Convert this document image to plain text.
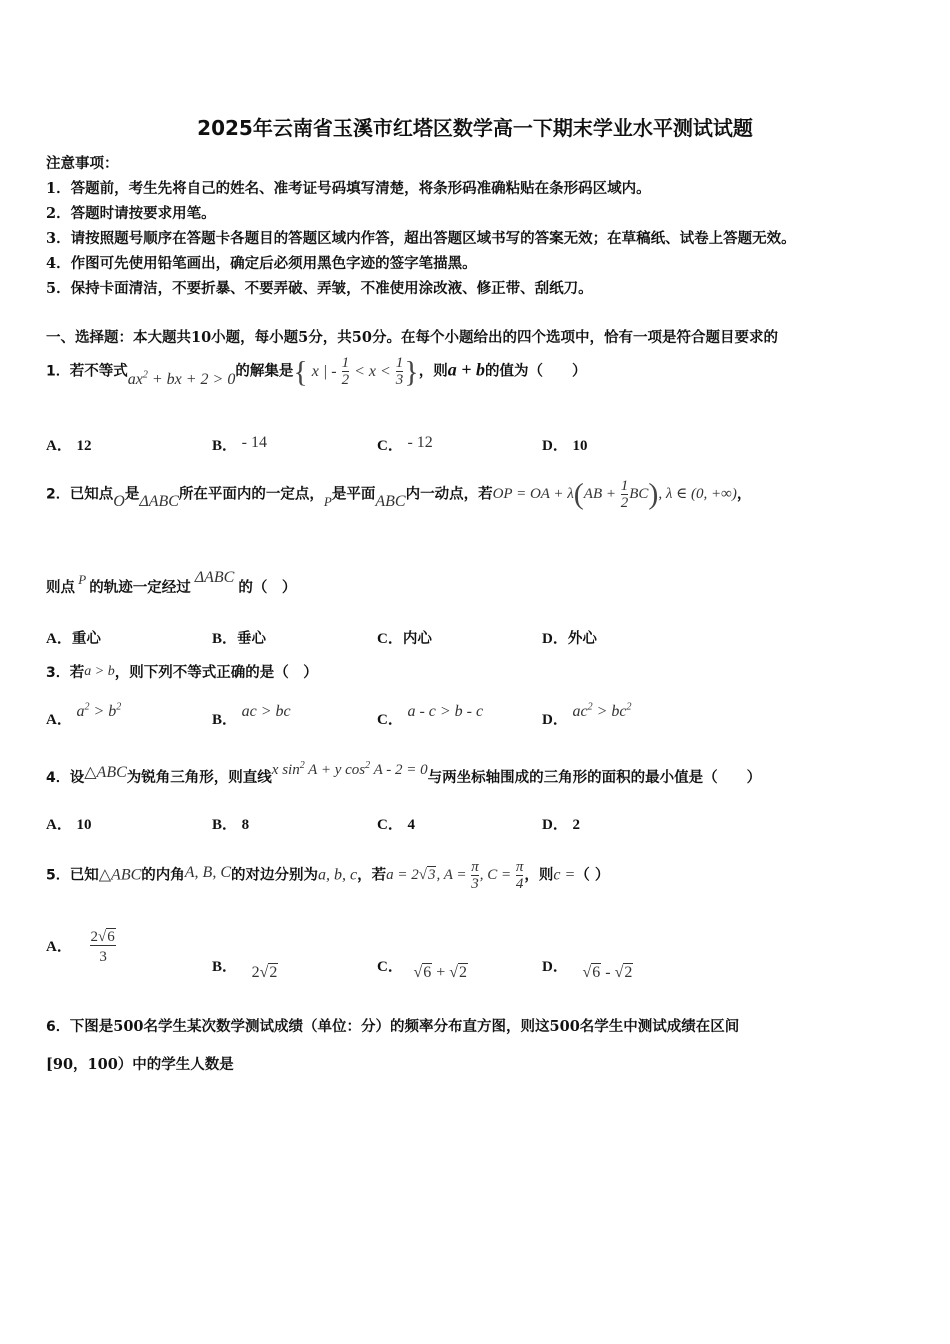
2025年云南省玉溪市红塔区数学高一下期末学业水平测试试题
注意事项：
1．答题前，考生先将自己的姓名、准考证号码填写清楚，将条形码准确粘贴在条形码区域内。
2．答题时请按要求用笔。
3．请按照题号顺序在答题卡各题目的答题区域内作答，超出答题区域书写的答案无效；在草稿纸、试卷上答题无效。
4．作图可先使用铅笔画出，确定后必须用黑色字迹的签字笔描黑。
5．保持卡面清洁，不要折暴、不要弄破、弄皱，不准使用涂改液、修正带、刮纸刀。
一、选择题：本大题共10小题，每小题5分，共50分。在每个小题给出的四个选项中，恰有一项是符合题目要求的
1．若不等式$ax^2$ + bx + 2 > 0的解集是{ x | - $\frac{1}{2} < x < \frac{1}{3}$ }，则a + b的值为（　　）
A． 12	B． - 14	C． - 12	D． 10
2．已知点O是ΔABC所在平面内的一定点，P是平面ABC内一动点，若OP = OA + $\lambda(AB + \frac{1}{2} BC)$, λ ∈ (0, +∞)，
则点 P 的轨迹一定经过 ΔABC 的（　）
A．重心	B．垂心	C．内心	D．外心
3．若a > b，则下列不等式正确的是（　）
A． $a^2 > b^2$
B． ac > bc	C． a - c > b - c	D． $ac^2 > bc^2$
4．设△ABC为锐角三角形，则直线x $\sin^2 A + y$ $\cos^2 A - 2 = 0$与两坐标轴围成的三角形的面积的最小值是（　　）
A． 10	B． 8	C． 4	D． 2
5．已知△ABC的内角A, B, C的对边分别为a, b, c，若a = 2√3, $A = \frac{\pi}{3}$ , $C = \frac{\pi}{4}$ ，则c =（ ）
A． $\frac{2√6}{3}$
B． 2√2	C． √6 + √2	D． √6 - √2
6．下图是500名学生某次数学测试成绩（单位：分）的频率分布直方图，则这500名学生中测试成绩在区间
[90，100）中的学生人数是
